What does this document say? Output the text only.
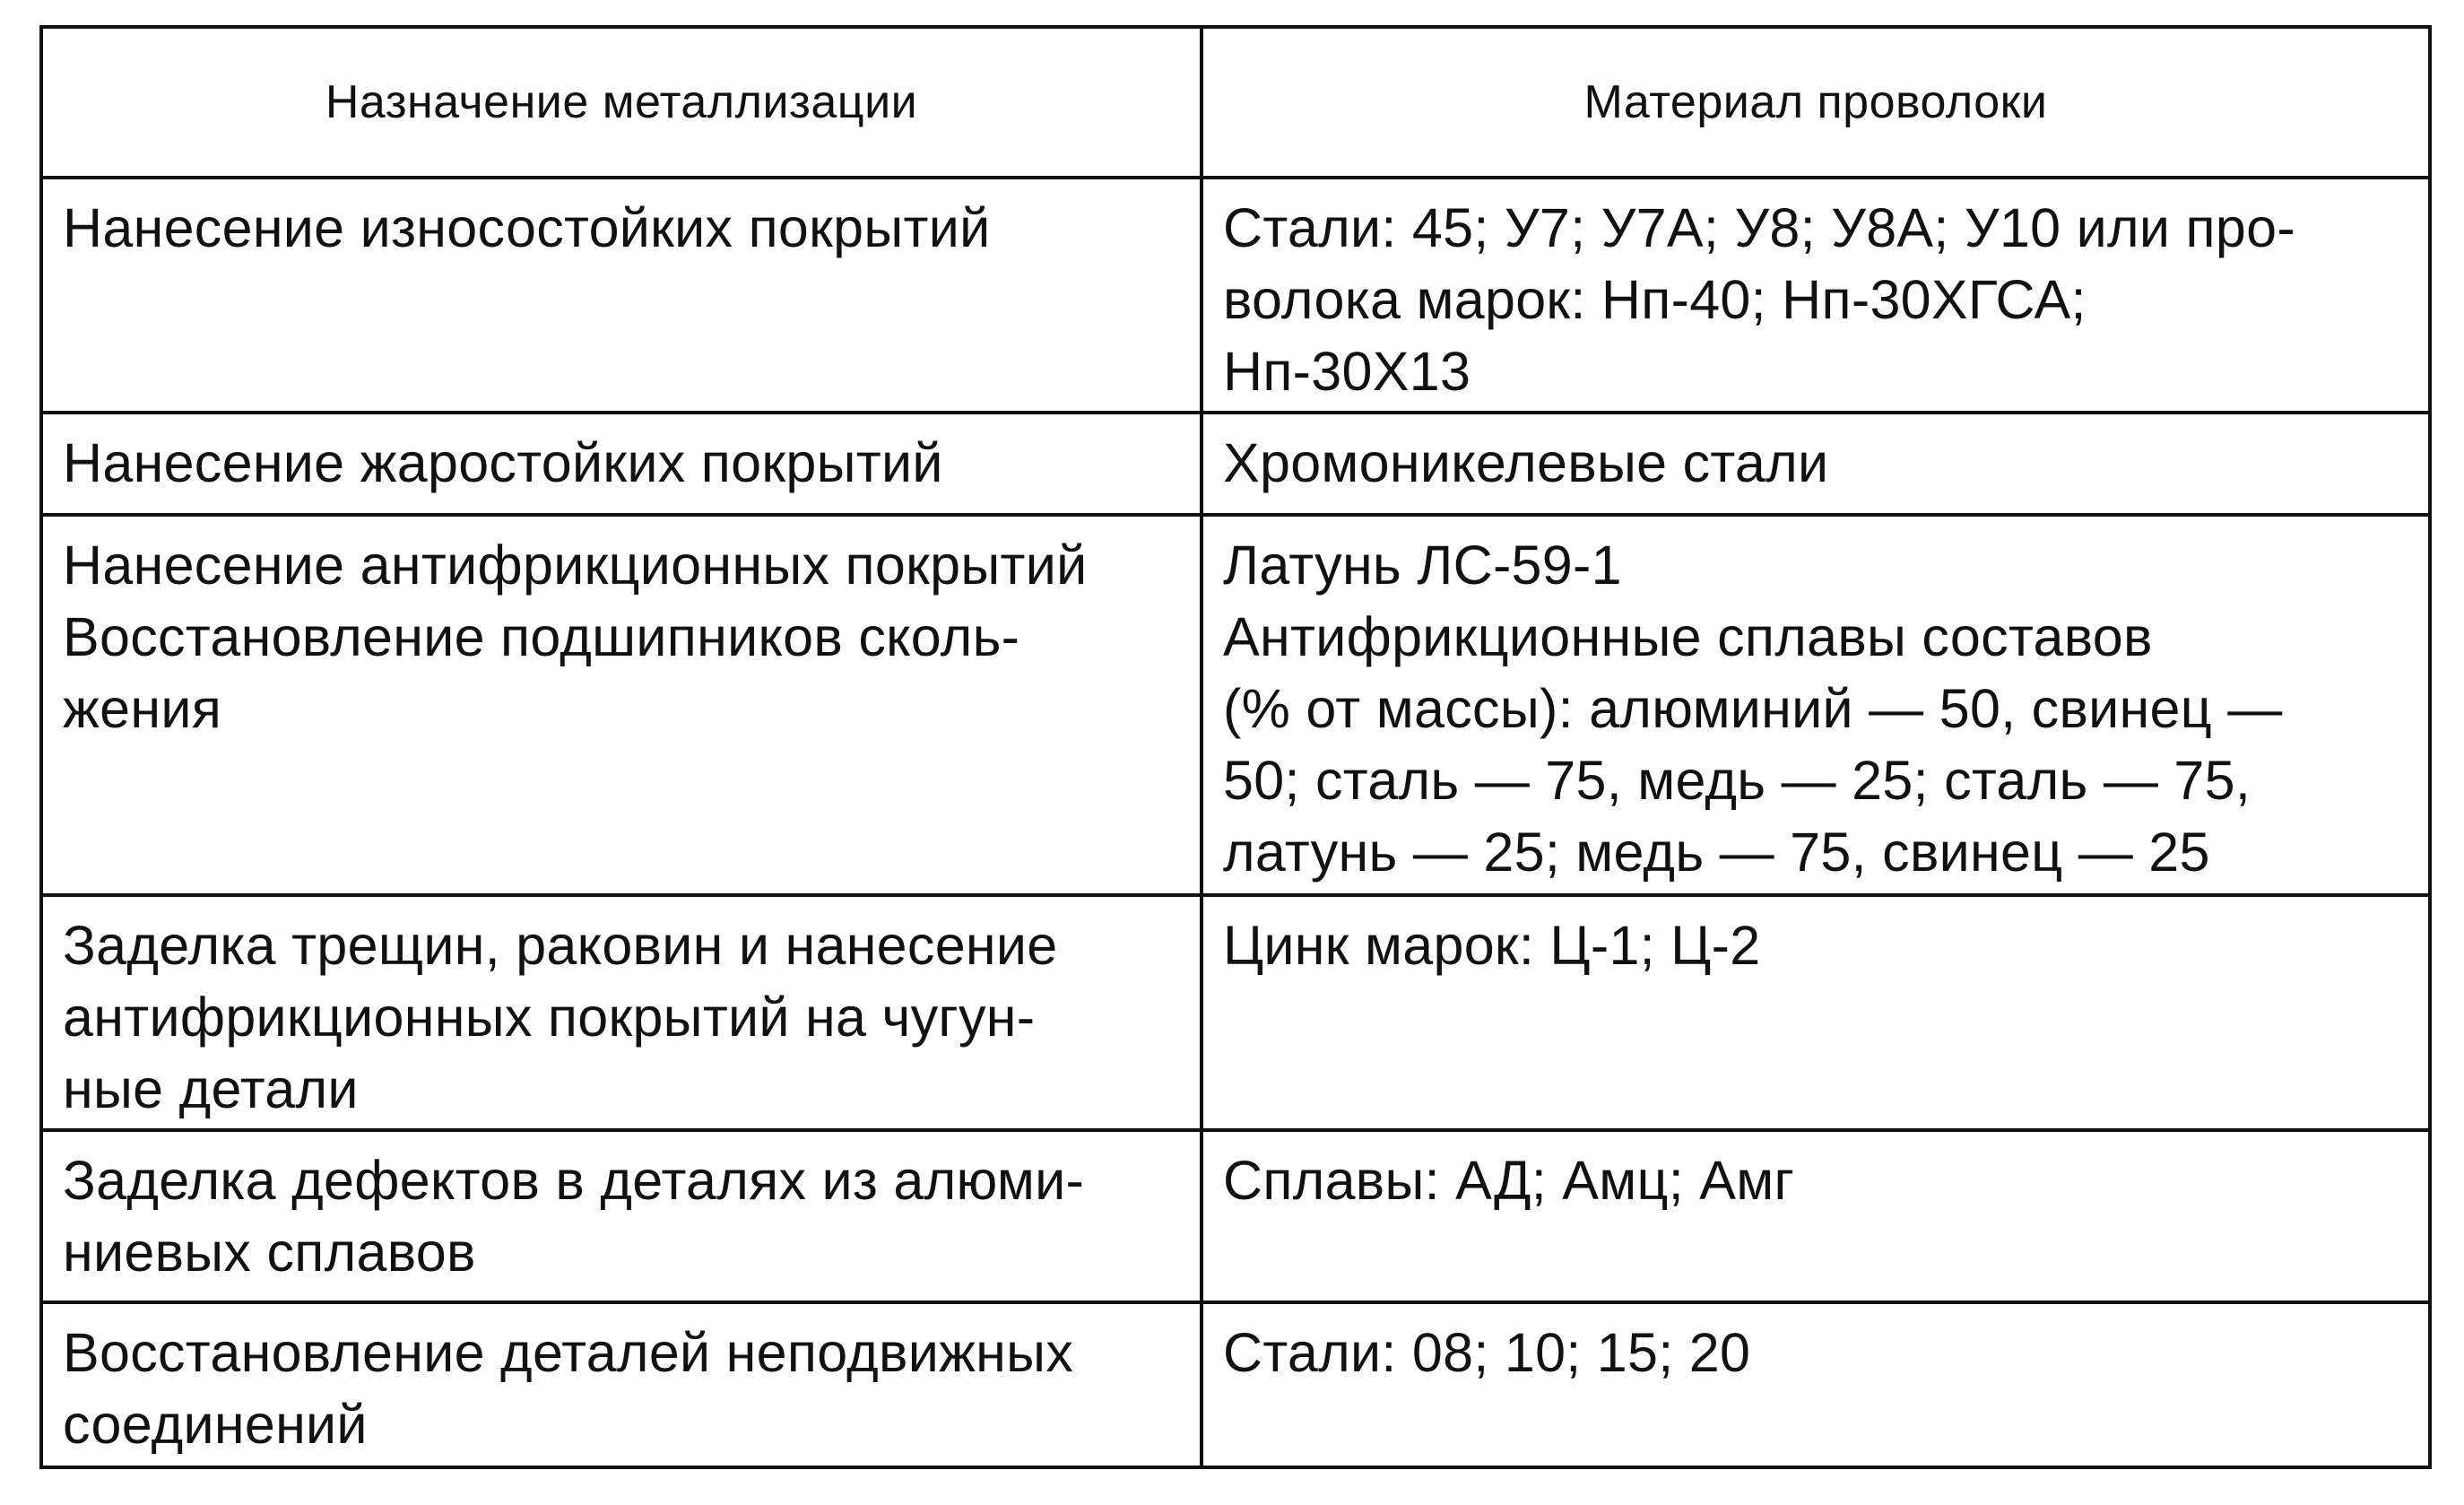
Назначение металлизации	Материал проволоки

Нанесение износостойких покрытий	Стали: 45; У7; У7А; У8; У8А; У10 или про-
волока марок: Нп-40; Нп-30ХГСА;
Нп-30Х13

Нанесение жаростойких покрытий	Хромоникелевые стали

Нанесение антифрикционных покрытий
Восстановление подшипников сколь-
жения	Латунь ЛС-59-1
Антифрикционные сплавы составов
(% от массы): алюминий — 50, свинец —
50; сталь — 75, медь — 25; сталь — 75,
латунь — 25; медь — 75, свинец — 25

Заделка трещин, раковин и нанесение
антифрикционных покрытий на чугун-
ные детали	Цинк марок: Ц-1; Ц-2

Заделка дефектов в деталях из алюми-
ниевых сплавов	Сплавы: АД; Амц; Амг

Восстановление деталей неподвижных
соединений	Стали: 08; 10; 15; 20
